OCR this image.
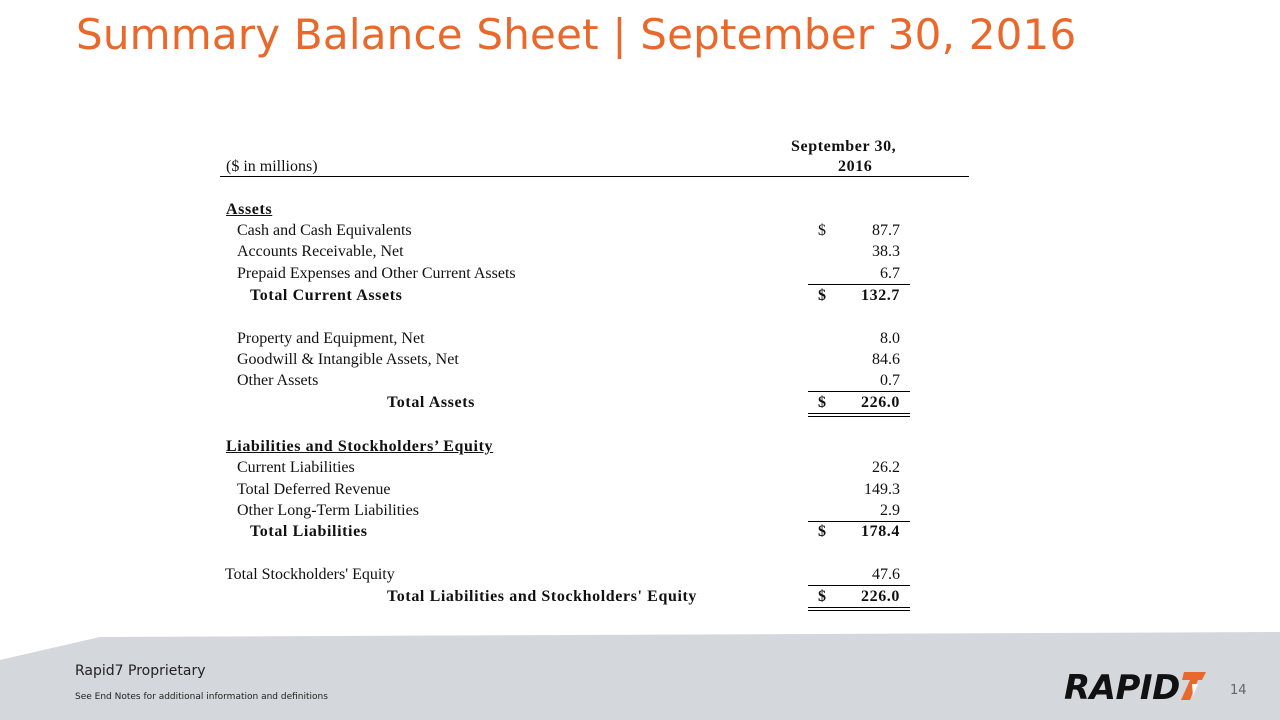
Summary Balance Sheet | September 30, 2016
September 30,
($ in millions)	2016
Assets
Cash and Cash Equivalents	$	87.7
Accounts Receivable, Net	38.3
Prepaid Expenses and Other Current Assets	6.7
Total Current Assets	$	132.7
Property and Equipment, Net	8.0
Goodwill & Intangible Assets, Net	84.6
Other Assets	0.7
Total Assets	$	226.0
Liabilities and Stockholders’ Equity
Current Liabilities	26.2
Total Deferred Revenue	149.3
Other Long-Term Liabilities	2.9
Total Liabilities	$	178.4
Total Stockholders' Equity	47.6
Total Liabilities and Stockholders' Equity	$	226.0
Rapid7 Proprietary
See End Notes for additional information and definitions	RAPID	14
